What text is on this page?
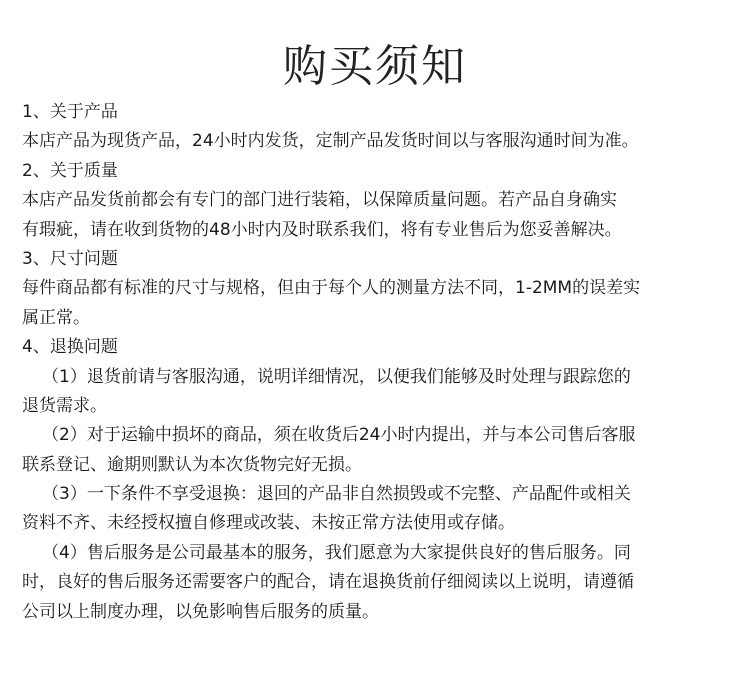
购买须知
1、关于产品
本店产品为现货产品，24小时内发货，定制产品发货时间以与客服沟通时间为准。
2、关于质量
本店产品发货前都会有专门的部门进行装箱，以保障质量问题。若产品自身确实
有瑕疵，请在收到货物的48小时内及时联系我们，将有专业售后为您妥善解决。
3、尺寸问题
每件商品都有标准的尺寸与规格，但由于每个人的测量方法不同，1-2MM的误差实
属正常。
4、退换问题
（1）退货前请与客服沟通，说明详细情况，以便我们能够及时处理与跟踪您的
退货需求。
（2）对于运输中损坏的商品，须在收货后24小时内提出，并与本公司售后客服
联系登记、逾期则默认为本次货物完好无损。
（3）一下条件不享受退换：退回的产品非自然损毁或不完整、产品配件或相关
资料不齐、未经授权擅自修理或改装、未按正常方法使用或存储。
（4）售后服务是公司最基本的服务，我们愿意为大家提供良好的售后服务。同
时，良好的售后服务还需要客户的配合，请在退换货前仔细阅读以上说明，请遵循
公司以上制度办理，以免影响售后服务的质量。
